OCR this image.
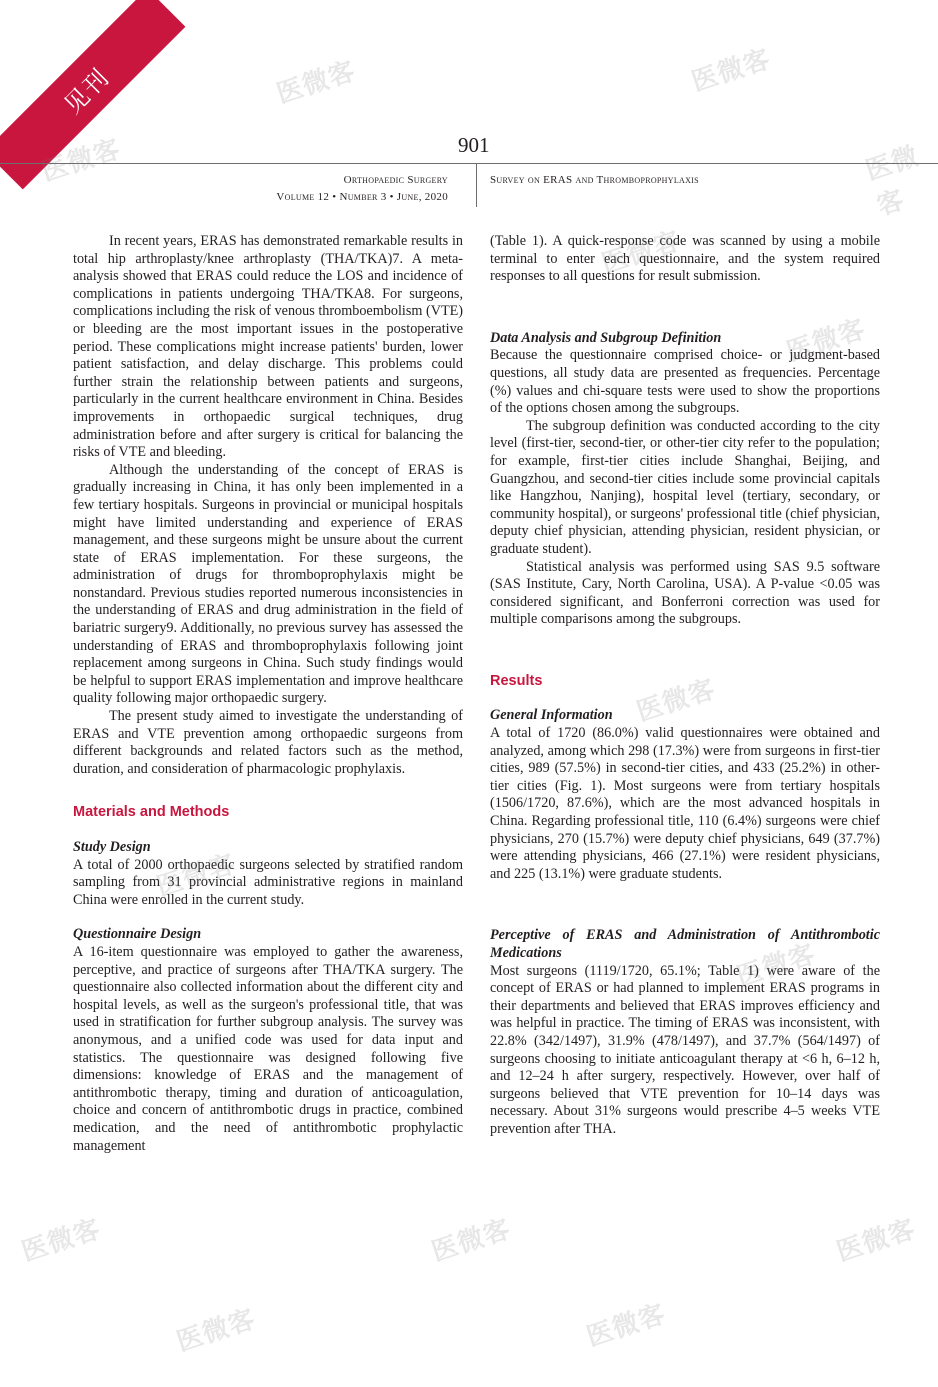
见刊
901
Orthopaedic Surgery
Volume 12 • Number 3 • June, 2020
Survey on ERAS and Thromboprophylaxis

In recent years, ERAS has demonstrated remarkable results in total hip arthroplasty/knee arthroplasty (THA/TKA)7. A meta-analysis showed that ERAS could reduce the LOS and incidence of complications in patients undergoing THA/TKA8. For surgeons, complications including the risk of venous thromboembolism (VTE) or bleeding are the most important issues in the postoperative period. These complications might increase patients' burden, lower patient satisfaction, and delay discharge. This problems could further strain the relationship between patients and surgeons, particularly in the current healthcare environment in China. Besides improvements in orthopaedic surgical techniques, drug administration before and after surgery is critical for balancing the risks of VTE and bleeding.

Although the understanding of the concept of ERAS is gradually increasing in China, it has only been implemented in a few tertiary hospitals. Surgeons in provincial or municipal hospitals might have limited understanding and experience of ERAS management, and these surgeons might be unsure about the current state of ERAS implementation. For these surgeons, the administration of drugs for thromboprophylaxis might be nonstandard. Previous studies reported numerous inconsistencies in the understanding of ERAS and drug administration in the field of bariatric surgery9. Additionally, no previous survey has assessed the understanding of ERAS and thromboprophylaxis following joint replacement among surgeons in China. Such study findings would be helpful to support ERAS implementation and improve healthcare quality following major orthopaedic surgery.

The present study aimed to investigate the understanding of ERAS and VTE prevention among orthopaedic surgeons from different backgrounds and related factors such as the method, duration, and consideration of pharmacologic prophylaxis.

Materials and Methods

Study Design

A total of 2000 orthopaedic surgeons selected by stratified random sampling from 31 provincial administrative regions in mainland China were enrolled in the current study.

Questionnaire Design

A 16-item questionnaire was employed to gather the awareness, perceptive, and practice of surgeons after THA/TKA surgery. The questionnaire also collected information about the different city and hospital levels, as well as the surgeon's professional title, that was used in stratification for further subgroup analysis. The survey was anonymous, and a unified code was used for data input and statistics. The questionnaire was designed following five dimensions: knowledge of ERAS and the management of antithrombotic therapy, timing and duration of anticoagulation, choice and concern of antithrombotic drugs in practice, combined medication, and the need of antithrombotic prophylactic management

(Table 1). A quick-response code was scanned by using a mobile terminal to enter each questionnaire, and the system required responses to all questions for result submission.

Data Analysis and Subgroup Definition

Because the questionnaire comprised choice- or judgment-based questions, all study data are presented as frequencies. Percentage (%) values and chi-square tests were used to show the proportions of the options chosen among the subgroups.

The subgroup definition was conducted according to the city level (first-tier, second-tier, or other-tier city refer to the population; for example, first-tier cities include Shanghai, Beijing, and Guangzhou, and second-tier cities include some provincial capitals like Hangzhou, Nanjing), hospital level (tertiary, secondary, or community hospital), or surgeons' professional title (chief physician, deputy chief physician, attending physician, resident physician, or graduate student).

Statistical analysis was performed using SAS 9.5 software (SAS Institute, Cary, North Carolina, USA). A P-value <0.05 was considered significant, and Bonferroni correction was used for multiple comparisons among the subgroups.

Results

General Information

A total of 1720 (86.0%) valid questionnaires were obtained and analyzed, among which 298 (17.3%) were from surgeons in first-tier cities, 989 (57.5%) in second-tier cities, and 433 (25.2%) in other-tier cities (Fig. 1). Most surgeons were from tertiary hospitals (1506/1720, 87.6%), which are the most advanced hospitals in China. Regarding professional title, 110 (6.4%) surgeons were chief physicians, 270 (15.7%) were deputy chief physicians, 649 (37.7%) were attending physicians, 466 (27.1%) were resident physicians, and 225 (13.1%) were graduate students.

Perceptive of ERAS and Administration of Antithrombotic Medications

Most surgeons (1119/1720, 65.1%; Table 1) were aware of the concept of ERAS or had planned to implement ERAS programs in their departments and believed that ERAS improves efficiency and was helpful in practice. The timing of ERAS was inconsistent, with 22.8% (342/1497), 31.9% (478/1497), and 37.7% (564/1497) of surgeons choosing to initiate anticoagulant therapy at <6 h, 6–12 h, and 12–24 h after surgery, respectively. However, over half of surgeons believed that VTE prevention for 10–14 days was necessary. About 31% surgeons would prescribe 4–5 weeks VTE prevention after THA.

医微客	医微客
医微客	医微客
医微客
医微客
医微客
医微客
医微客
医微客	医微客	医微客
医微客	医微客
